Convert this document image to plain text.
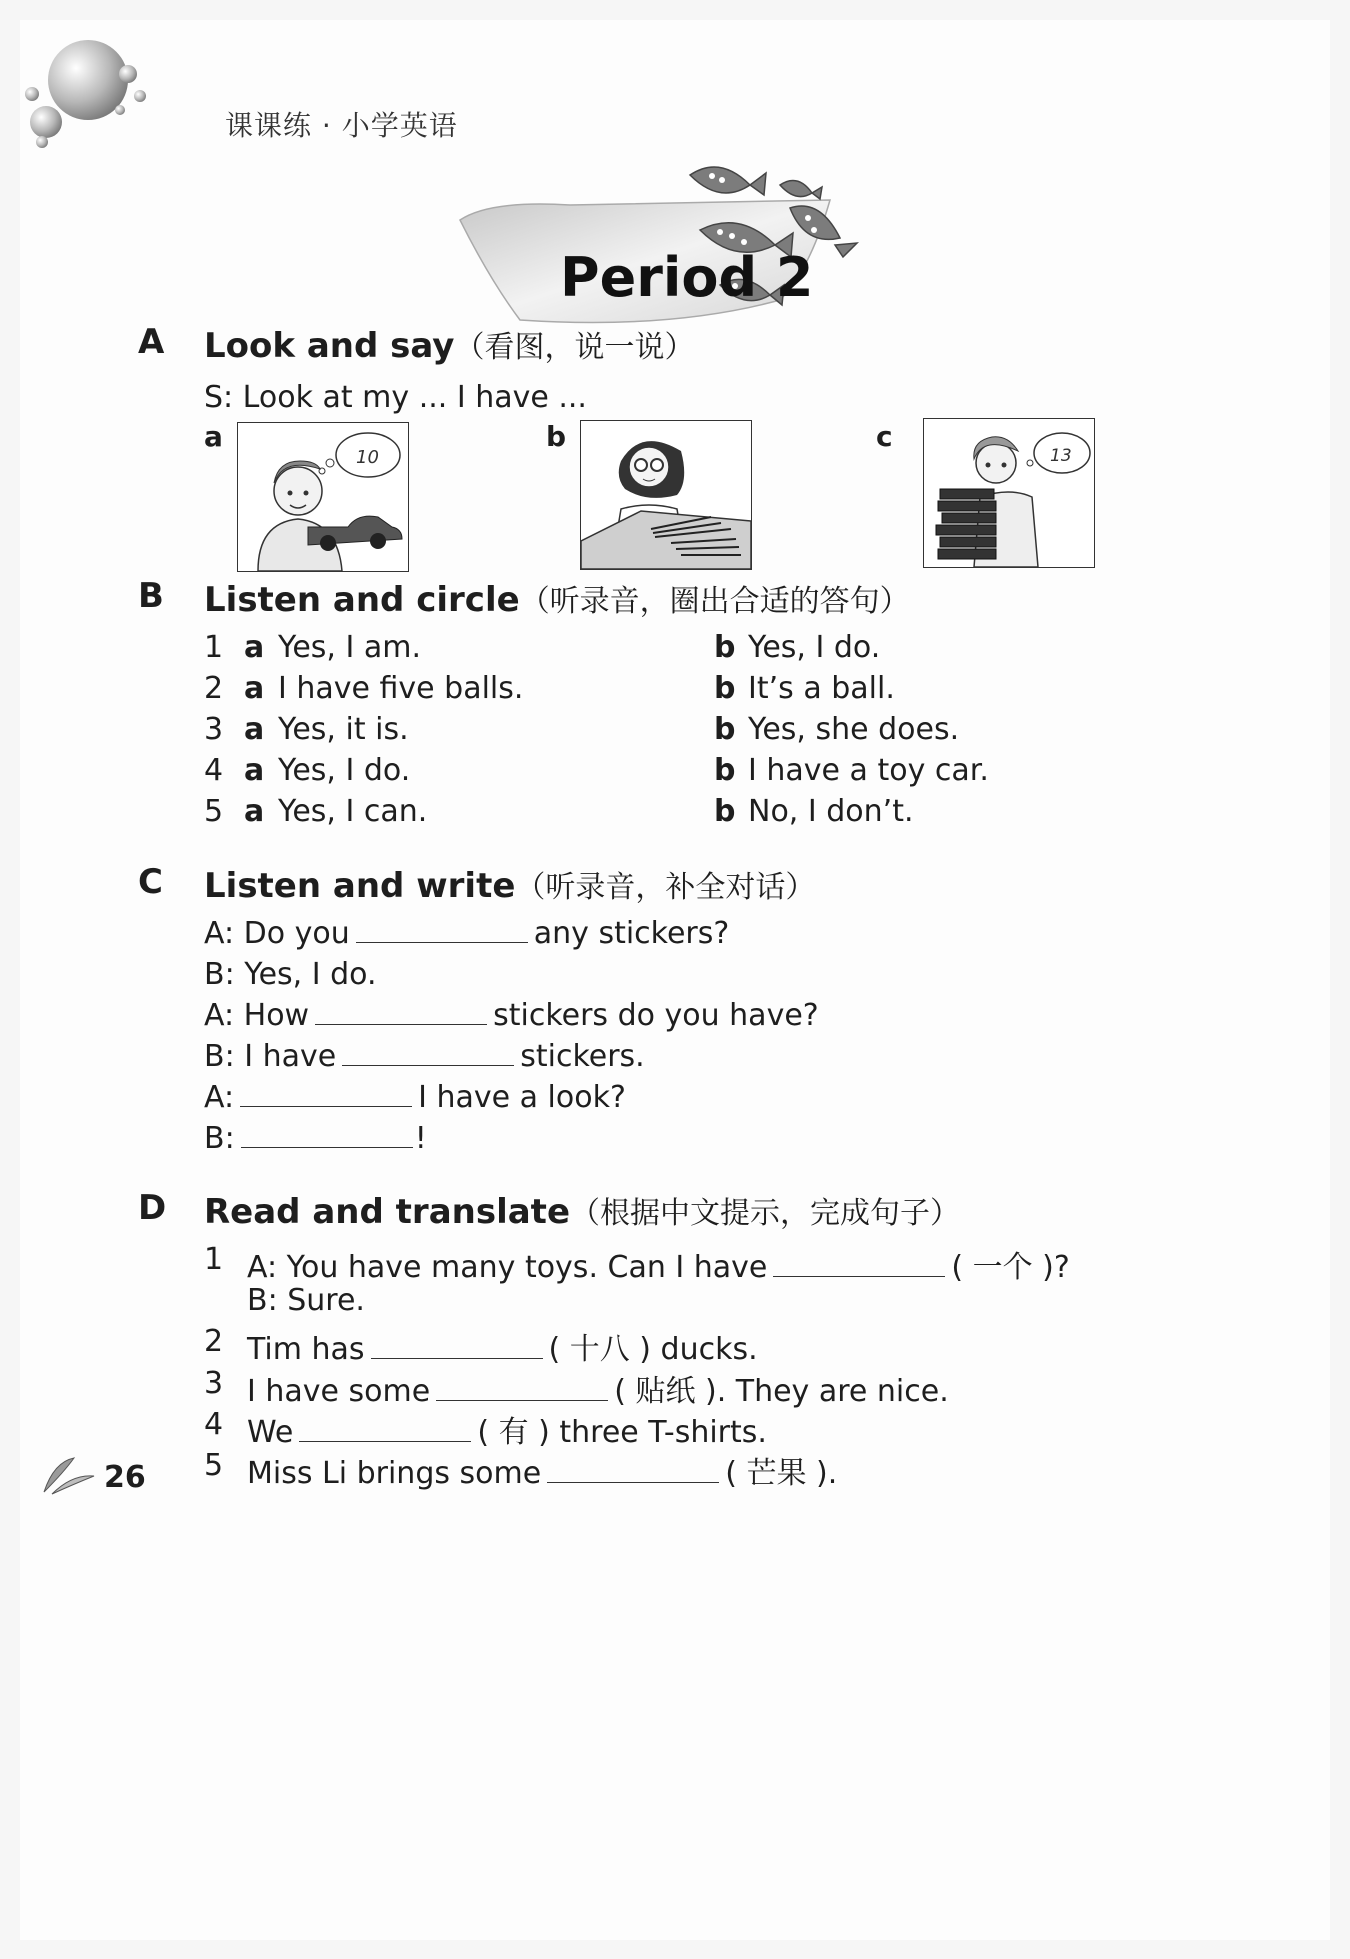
课课练 · 小学英语
Period 2
A Look and say（看图，说一说）
S: Look at my ... I have ...
a
10
b	c
13
B Listen and circle（听录音，圈出合适的答句）
1 a Yes, I am.	b Yes, I do.
2 a I have five balls.	b It’s a ball.
3 a Yes, it is.	b Yes, she does.
4 a Yes, I do.	b I have a toy car.
5 a Yes, I can.	b No, I don’t.
C Listen and write（听录音，补全对话）
A: Do you	any stickers?
B: Yes, I do.
A: How	stickers do you have?
B: I have	stickers.
A:	I have a look?
B:	!
D Read and translate（根据中文提示，完成句子）
1 A: You have many toys. Can I have	( 一个 )?
B: Sure.
2 Tim has	( 十八 ) ducks.
3 I have some	( 贴纸 ). They are nice.
4 We	( 有 ) three T-shirts.
5 Miss Li brings some	( 芒果 ).
26
